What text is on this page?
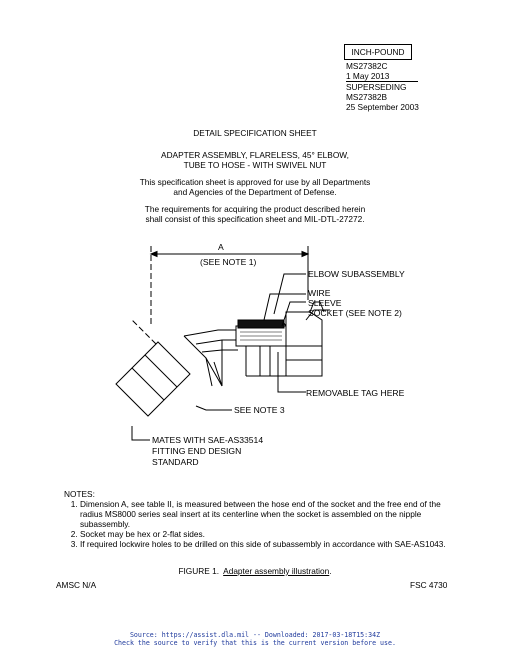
INCH-POUND
MS27382C
1 May 2013
SUPERSEDING
MS27382B
25 September 2003
DETAIL SPECIFICATION SHEET
ADAPTER ASSEMBLY, FLARELESS, 45° ELBOW,
TUBE TO HOSE - WITH SWIVEL NUT
This specification sheet is approved for use by all Departments
and Agencies of the Department of Defense.
The requirements for acquiring the product described herein
shall consist of this specification sheet and MIL-DTL-27272.
A
(SEE NOTE 1)
ELBOW SUBASSEMBLY
WIRE
SLEEVE
SOCKET (SEE NOTE 2)
REMOVABLE TAG HERE
SEE NOTE 3
MATES WITH SAE-AS33514
FITTING END DESIGN
STANDARD
NOTES:
1. Dimension A, see table II, is measured between the hose end of the socket and the free end of the radius MS8000 series seal insert at its centerline when the socket is assembled on the nipple subassembly.
2. Socket may be hex or 2-flat sides.
3. If required lockwire holes to be drilled on this side of subassembly in accordance with SAE-AS1043.
FIGURE 1. Adapter assembly illustration.
AMSC N/A	FSC 4730
Source: https://assist.dla.mil -- Downloaded: 2017-03-18T15:34Z
Check the source to verify that this is the current version before use.
